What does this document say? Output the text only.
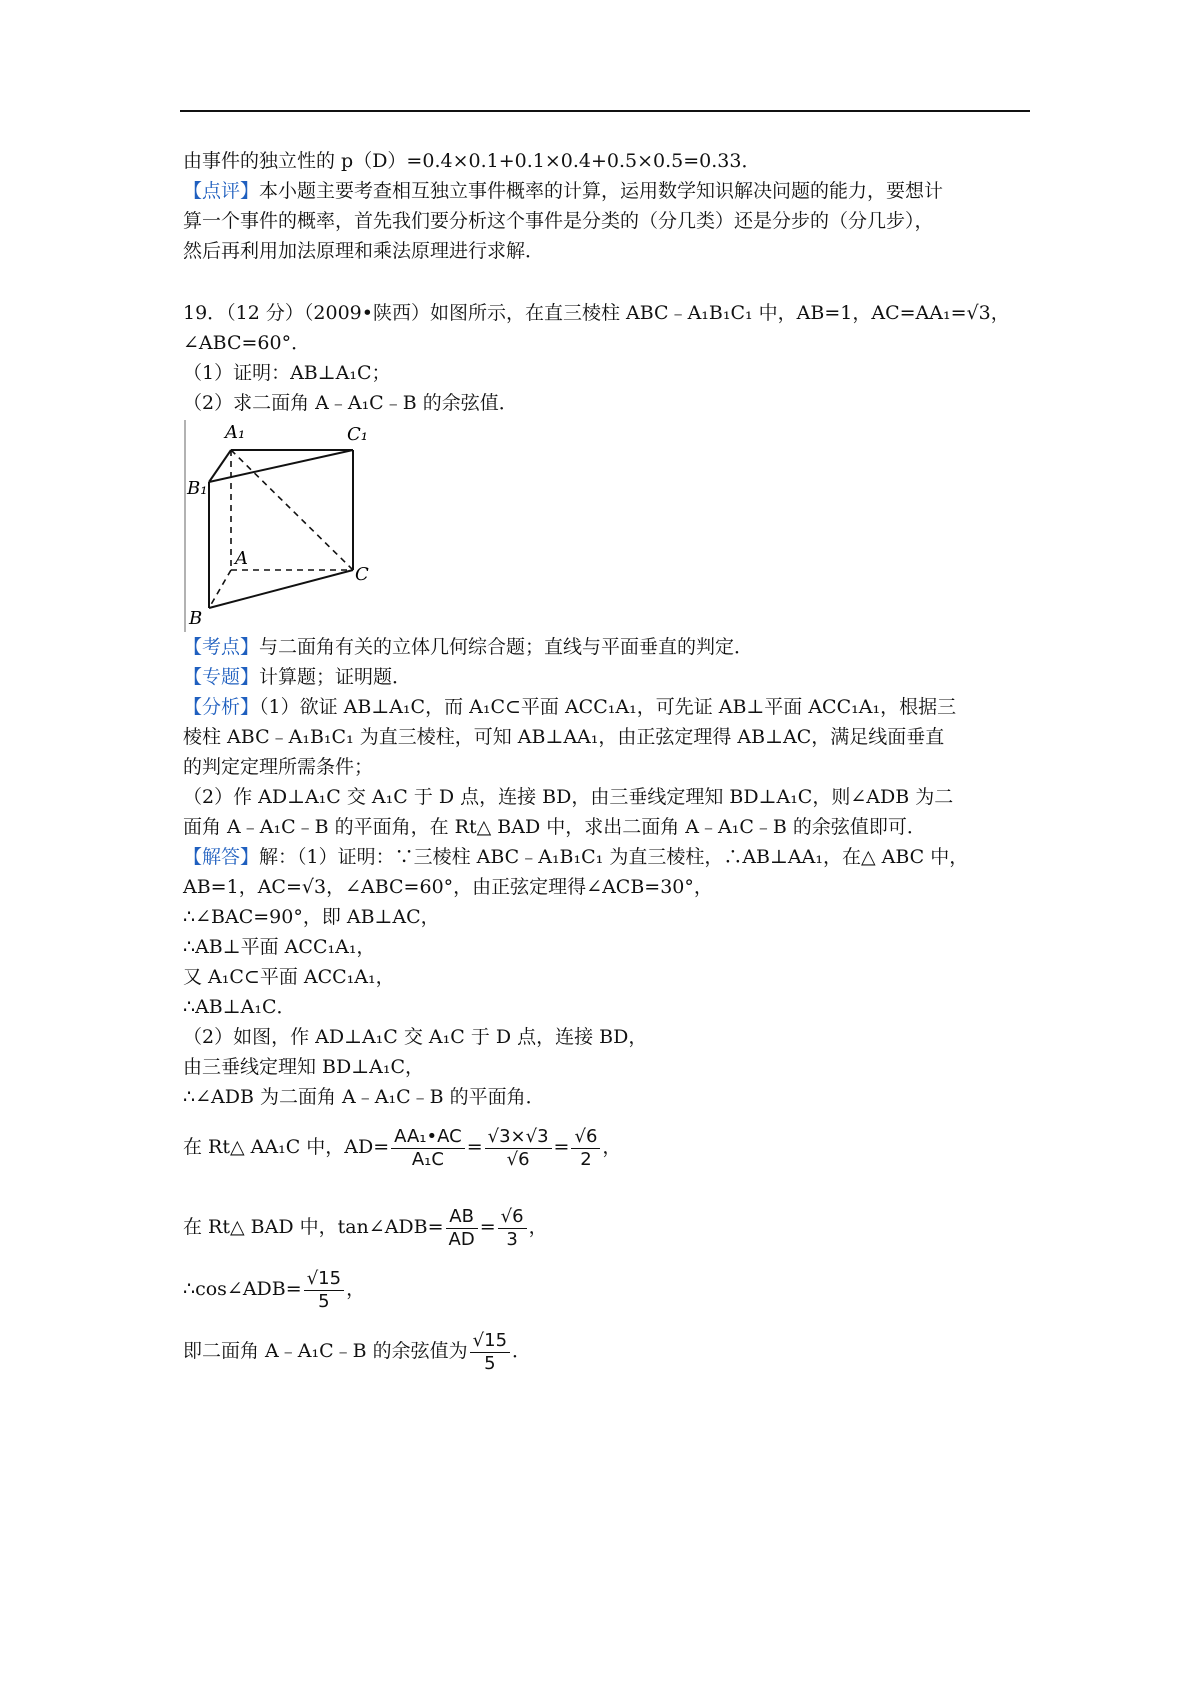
由事件的独立性的 p（D）=0.4×0.1+0.1×0.4+0.5×0.5=0.33．
【点评】本小题主要考查相互独立事件概率的计算，运用数学知识解决问题的能力，要想计
算一个事件的概率，首先我们要分析这个事件是分类的（分几类）还是分步的（分几步），
然后再利用加法原理和乘法原理进行求解．
19．（12 分）（2009•陕西）如图所示，在直三棱柱 ABC﹣A₁B₁C₁ 中，AB=1，AC=AA₁=√3，
∠ABC=60°．
（1）证明：AB⊥A₁C；
（2）求二面角 A﹣A₁C﹣B 的余弦值．
A₁	C₁
B₁
A
C
B
【考点】与二面角有关的立体几何综合题；直线与平面垂直的判定．
【专题】计算题；证明题．
【分析】（1）欲证 AB⊥A₁C，而 A₁C⊂平面 ACC₁A₁，可先证 AB⊥平面 ACC₁A₁，根据三
棱柱 ABC﹣A₁B₁C₁ 为直三棱柱，可知 AB⊥AA₁，由正弦定理得 AB⊥AC，满足线面垂直
的判定定理所需条件；
（2）作 AD⊥A₁C 交 A₁C 于 D 点，连接 BD，由三垂线定理知 BD⊥A₁C，则∠ADB 为二
面角 A﹣A₁C﹣B 的平面角，在 Rt△ BAD 中，求出二面角 A﹣A₁C﹣B 的余弦值即可．
【解答】解：（1）证明：∵三棱柱 ABC﹣A₁B₁C₁ 为直三棱柱，∴AB⊥AA₁，在△ ABC 中，
AB=1，AC=√3，∠ABC=60°，由正弦定理得∠ACB=30°，
∴∠BAC=90°，即 AB⊥AC，
∴AB⊥平面 ACC₁A₁，
又 A₁C⊂平面 ACC₁A₁，
∴AB⊥A₁C．
（2）如图，作 AD⊥A₁C 交 A₁C 于 D 点，连接 BD，
由三垂线定理知 BD⊥A₁C，
∴∠ADB 为二面角 A﹣A₁C﹣B 的平面角．
在 Rt△ AA₁C 中，$AD= \frac{\text{AA₁•AC}}{\text{A₁C}} = \frac{√3\times√3}{√6} = \frac{√6}{2}$ ，
在 Rt△ BAD 中，tan∠ADB= $\frac{AB}{AD} = \frac{√6}{3}$ ，
∴cos∠ADB= $\frac{√15}{5}$ ，
即二面角 A﹣A₁C﹣B 的余弦值为 $\frac{√15}{5}$ ．
